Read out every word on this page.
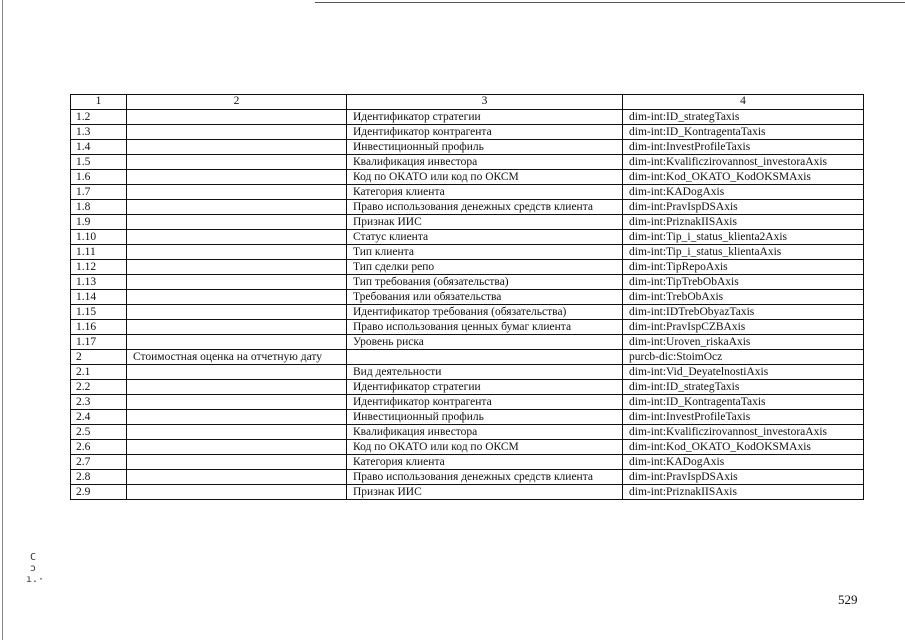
1	2	3	4
1.2		Идентификатор стратегии	dim-int:ID_strategTaxis
1.3		Идентификатор контрагента	dim-int:ID_KontragentaTaxis
1.4		Инвестиционный профиль	dim-int:InvestProfileTaxis
1.5		Квалификация инвестора	dim-int:Kvalificzirovannost_investoraAxis
1.6		Код по ОКАТО или код по ОКСМ	dim-int:Kod_OKATO_KodOKSMAxis
1.7		Категория клиента	dim-int:KADogAxis
1.8		Право использования денежных средств клиента	dim-int:PravIspDSAxis
1.9		Признак ИИС	dim-int:PriznakIISAxis
1.10		Статус клиента	dim-int:Tip_i_status_klienta2Axis
1.11		Тип клиента	dim-int:Tip_i_status_klientaAxis
1.12		Тип сделки репо	dim-int:TipRepoAxis
1.13		Тип требования (обязательства)	dim-int:TipTrebObAxis
1.14		Требования или обязательства	dim-int:TrebObAxis
1.15		Идентификатор требования (обязательства)	dim-int:IDTrebObyazTaxis
1.16		Право использования ценных бумаг клиента	dim-int:PravIspCZBAxis
1.17		Уровень риска	dim-int:Uroven_riskaAxis
2	Стоимостная оценка на отчетную дату		purcb-dic:StoimOcz
2.1		Вид деятельности	dim-int:Vid_DeyatelnostiAxis
2.2		Идентификатор стратегии	dim-int:ID_strategTaxis
2.3		Идентификатор контрагента	dim-int:ID_KontragentaTaxis
2.4		Инвестиционный профиль	dim-int:InvestProfileTaxis
2.5		Квалификация инвестора	dim-int:Kvalificzirovannost_investoraAxis
2.6		Код по ОКАТО или код по ОКСМ	dim-int:Kod_OKATO_KodOKSMAxis
2.7		Категория клиента	dim-int:KADogAxis
2.8		Право использования денежных средств клиента	dim-int:PravIspDSAxis
2.9		Признак ИИС	dim-int:PriznakIISAxis
529
C
ɔ
ı.·
